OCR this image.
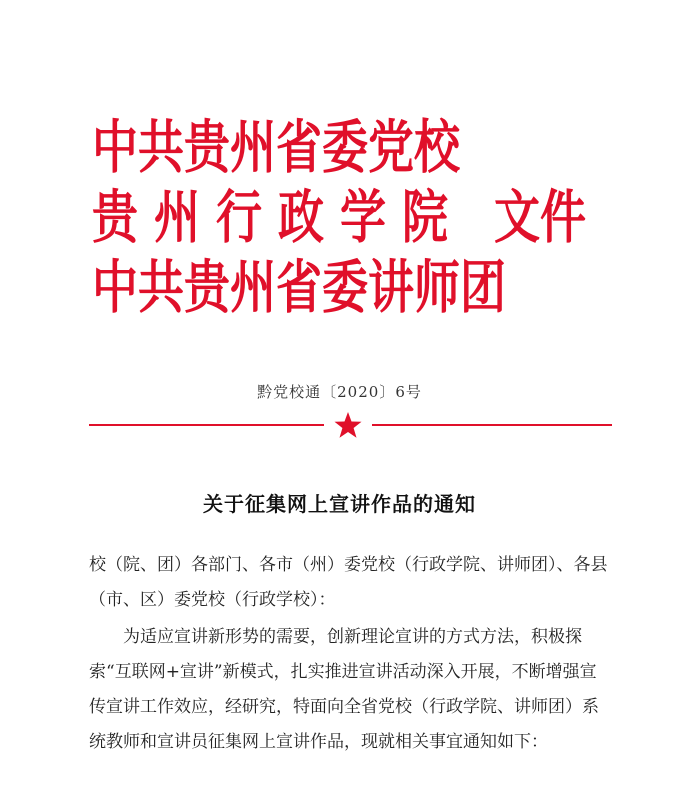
中共贵州省委党校
贵州行政学院
中共贵州省委讲师团
文件
黔党校通〔2020〕6号
关于征集网上宣讲作品的通知
校（院、团）各部门、各市（州）委党校（行政学院、讲师团）、各县（市、区）委党校（行政学校）：
为适应宣讲新形势的需要，创新理论宣讲的方式方法，积极探索“互联网+宣讲”新模式，扎实推进宣讲活动深入开展，不断增强宣传宣讲工作效应，经研究，特面向全省党校（行政学院、讲师团）系统教师和宣讲员征集网上宣讲作品，现就相关事宜通知如下：
